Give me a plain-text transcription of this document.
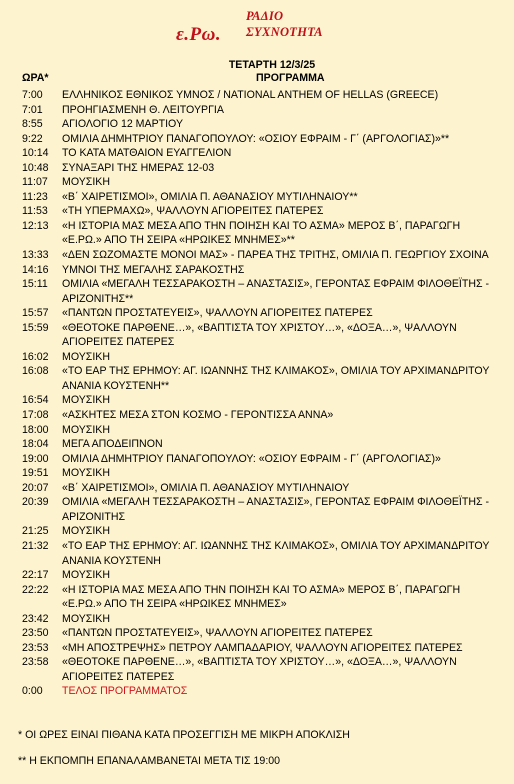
ε.Ρω.
ΡΑΔΙΟ
ΣΥΧΝΟΤΗΤΑ
ΤΕΤΑΡΤΗ 12/3/25
ΩΡΑ*	ΠΡΟΓΡΑΜΜΑ
7:00	ΕΛΛΗΝΙΚΟΣ ΕΘΝΙΚΟΣ ΥΜΝΟΣ / NATIONAL ANTHEM OF HELLAS (GREECE)
7:01	ΠΡΟΗΓΙΑΣΜΕΝΗ Θ. ΛΕΙΤΟΥΡΓΙΑ
8:55	ΑΓΙΟΛΟΓΙΟ 12 ΜΑΡΤΙΟΥ
9:22	ΟΜΙΛΙΑ ΔΗΜΗΤΡΙΟΥ ΠΑΝΑΓΟΠΟΥΛΟΥ: «ΟΣΙΟΥ ΕΦΡΑΙΜ - Γ΄ (ΑΡΓΟΛΟΓΙΑΣ)»**
10:14	ΤΟ ΚΑΤΑ ΜΑΤΘΑΙΟΝ ΕΥΑΓΓΕΛΙΟΝ
10:48	ΣΥΝΑΞΑΡΙ ΤΗΣ ΗΜΕΡΑΣ 12-03
11:07	ΜΟΥΣΙΚΗ
11:23	«Β΄ ΧΑΙΡΕΤΙΣΜΟΙ», ΟΜΙΛΙΑ Π. ΑΘΑΝΑΣΙΟΥ ΜΥΤΙΛΗΝΑΙΟΥ**
11:53	«ΤΗ ΥΠΕΡΜΑΧΩ», ΨΑΛΛΟΥΝ ΑΓΙΟΡΕΙΤΕΣ ΠΑΤΕΡΕΣ
12:13	«Η ΙΣΤΟΡΙΑ ΜΑΣ ΜΕΣΑ ΑΠΟ ΤΗΝ ΠΟΙΗΣΗ ΚΑΙ ΤΟ ΑΣΜΑ» ΜΕΡΟΣ Β΄, ΠΑΡΑΓΩΓΗ
«Ε.ΡΩ.» ΑΠΟ ΤΗ ΣΕΙΡΑ «ΗΡΩΙΚΕΣ ΜΝΗΜΕΣ»**
13:33	«ΔΕΝ ΣΩΖΟΜΑΣΤΕ ΜΟΝΟΙ ΜΑΣ» - ΠΑΡΕΑ ΤΗΣ ΤΡΙΤΗΣ, ΟΜΙΛΙΑ Π. ΓΕΩΡΓΙΟΥ ΣΧΟΙΝΑ
14:16	ΥΜΝΟΙ ΤΗΣ ΜΕΓΑΛΗΣ ΣΑΡΑΚΟΣΤΗΣ
15:11	ΟΜΙΛΙΑ «ΜΕΓΑΛΗ ΤΕΣΣΑΡΑΚΟΣΤΗ – ΑΝΑΣΤΑΣΙΣ», ΓΕΡΟΝΤΑΣ ΕΦΡΑΙΜ ΦΙΛΟΘΕΪΤΗΣ -
ΑΡΙΖΟΝΙΤΗΣ**
15:57	«ΠΑΝΤΩΝ ΠΡΟΣΤΑΤΕΥΕΙΣ», ΨΑΛΛΟΥΝ ΑΓΙΟΡΕΙΤΕΣ ΠΑΤΕΡΕΣ
15:59	«ΘΕΟΤΟΚΕ ΠΑΡΘΕΝΕ…», «ΒΑΠΤΙΣΤΑ ΤΟΥ ΧΡΙΣΤΟΥ…», «ΔΟΞΑ…», ΨΑΛΛΟΥΝ
ΑΓΙΟΡΕΙΤΕΣ ΠΑΤΕΡΕΣ
16:02	ΜΟΥΣΙΚΗ
16:08	«ΤΟ ΕΑΡ ΤΗΣ ΕΡΗΜΟΥ: ΑΓ. ΙΩΑΝΝΗΣ ΤΗΣ ΚΛΙΜΑΚΟΣ», ΟΜΙΛΙΑ ΤΟΥ ΑΡΧΙΜΑΝΔΡΙΤΟΥ
ΑΝΑΝΙΑ ΚΟΥΣΤΕΝΗ**
16:54	ΜΟΥΣΙΚΗ
17:08	«ΑΣΚΗΤΕΣ ΜΕΣΑ ΣΤΟΝ ΚΟΣΜΟ - ΓΕΡΟΝΤΙΣΣΑ ΑΝΝΑ»
18:00	ΜΟΥΣΙΚΗ
18:04	ΜΕΓΑ ΑΠΟΔΕΙΠΝΟΝ
19:00	ΟΜΙΛΙΑ ΔΗΜΗΤΡΙΟΥ ΠΑΝΑΓΟΠΟΥΛΟΥ: «ΟΣΙΟΥ ΕΦΡΑΙΜ - Γ΄ (ΑΡΓΟΛΟΓΙΑΣ)»
19:51	ΜΟΥΣΙΚΗ
20:07	«Β΄ ΧΑΙΡΕΤΙΣΜΟΙ», ΟΜΙΛΙΑ Π. ΑΘΑΝΑΣΙΟΥ ΜΥΤΙΛΗΝΑΙΟΥ
20:39	ΟΜΙΛΙΑ «ΜΕΓΑΛΗ ΤΕΣΣΑΡΑΚΟΣΤΗ – ΑΝΑΣΤΑΣΙΣ», ΓΕΡΟΝΤΑΣ ΕΦΡΑΙΜ ΦΙΛΟΘΕΪΤΗΣ -
ΑΡΙΖΟΝΙΤΗΣ
21:25	ΜΟΥΣΙΚΗ
21:32	«ΤΟ ΕΑΡ ΤΗΣ ΕΡΗΜΟΥ: ΑΓ. ΙΩΑΝΝΗΣ ΤΗΣ ΚΛΙΜΑΚΟΣ», ΟΜΙΛΙΑ ΤΟΥ ΑΡΧΙΜΑΝΔΡΙΤΟΥ
ΑΝΑΝΙΑ ΚΟΥΣΤΕΝΗ
22:17	ΜΟΥΣΙΚΗ
22:22	«Η ΙΣΤΟΡΙΑ ΜΑΣ ΜΕΣΑ ΑΠΟ ΤΗΝ ΠΟΙΗΣΗ ΚΑΙ ΤΟ ΑΣΜΑ» ΜΕΡΟΣ Β΄, ΠΑΡΑΓΩΓΗ
«Ε.ΡΩ.» ΑΠΟ ΤΗ ΣΕΙΡΑ «ΗΡΩΙΚΕΣ ΜΝΗΜΕΣ»
23:42	ΜΟΥΣΙΚΗ
23:50	«ΠΑΝΤΩΝ ΠΡΟΣΤΑΤΕΥΕΙΣ», ΨΑΛΛΟΥΝ ΑΓΙΟΡΕΙΤΕΣ ΠΑΤΕΡΕΣ
23:53	«ΜΗ ΑΠΟΣΤΡΕΨΗΣ» ΠΕΤΡΟΥ ΛΑΜΠΑΔΑΡΙΟΥ, ΨΑΛΛΟΥΝ ΑΓΙΟΡΕΙΤΕΣ ΠΑΤΕΡΕΣ
23:58	«ΘΕΟΤΟΚΕ ΠΑΡΘΕΝΕ…», «ΒΑΠΤΙΣΤΑ ΤΟΥ ΧΡΙΣΤΟΥ…», «ΔΟΞΑ…», ΨΑΛΛΟΥΝ
ΑΓΙΟΡΕΙΤΕΣ ΠΑΤΕΡΕΣ
0:00	ΤΕΛΟΣ ΠΡΟΓΡΑΜΜΑΤΟΣ
* ΟΙ ΩΡΕΣ ΕΙΝΑΙ ΠΙΘΑΝΑ ΚΑΤΑ ΠΡΟΣΕΓΓΙΣΗ ΜΕ ΜΙΚΡΗ ΑΠΟΚΛΙΣΗ
** Η ΕΚΠΟΜΠΗ ΕΠΑΝΑΛΑΜΒΑΝΕΤΑΙ ΜΕΤΑ ΤΙΣ 19:00
